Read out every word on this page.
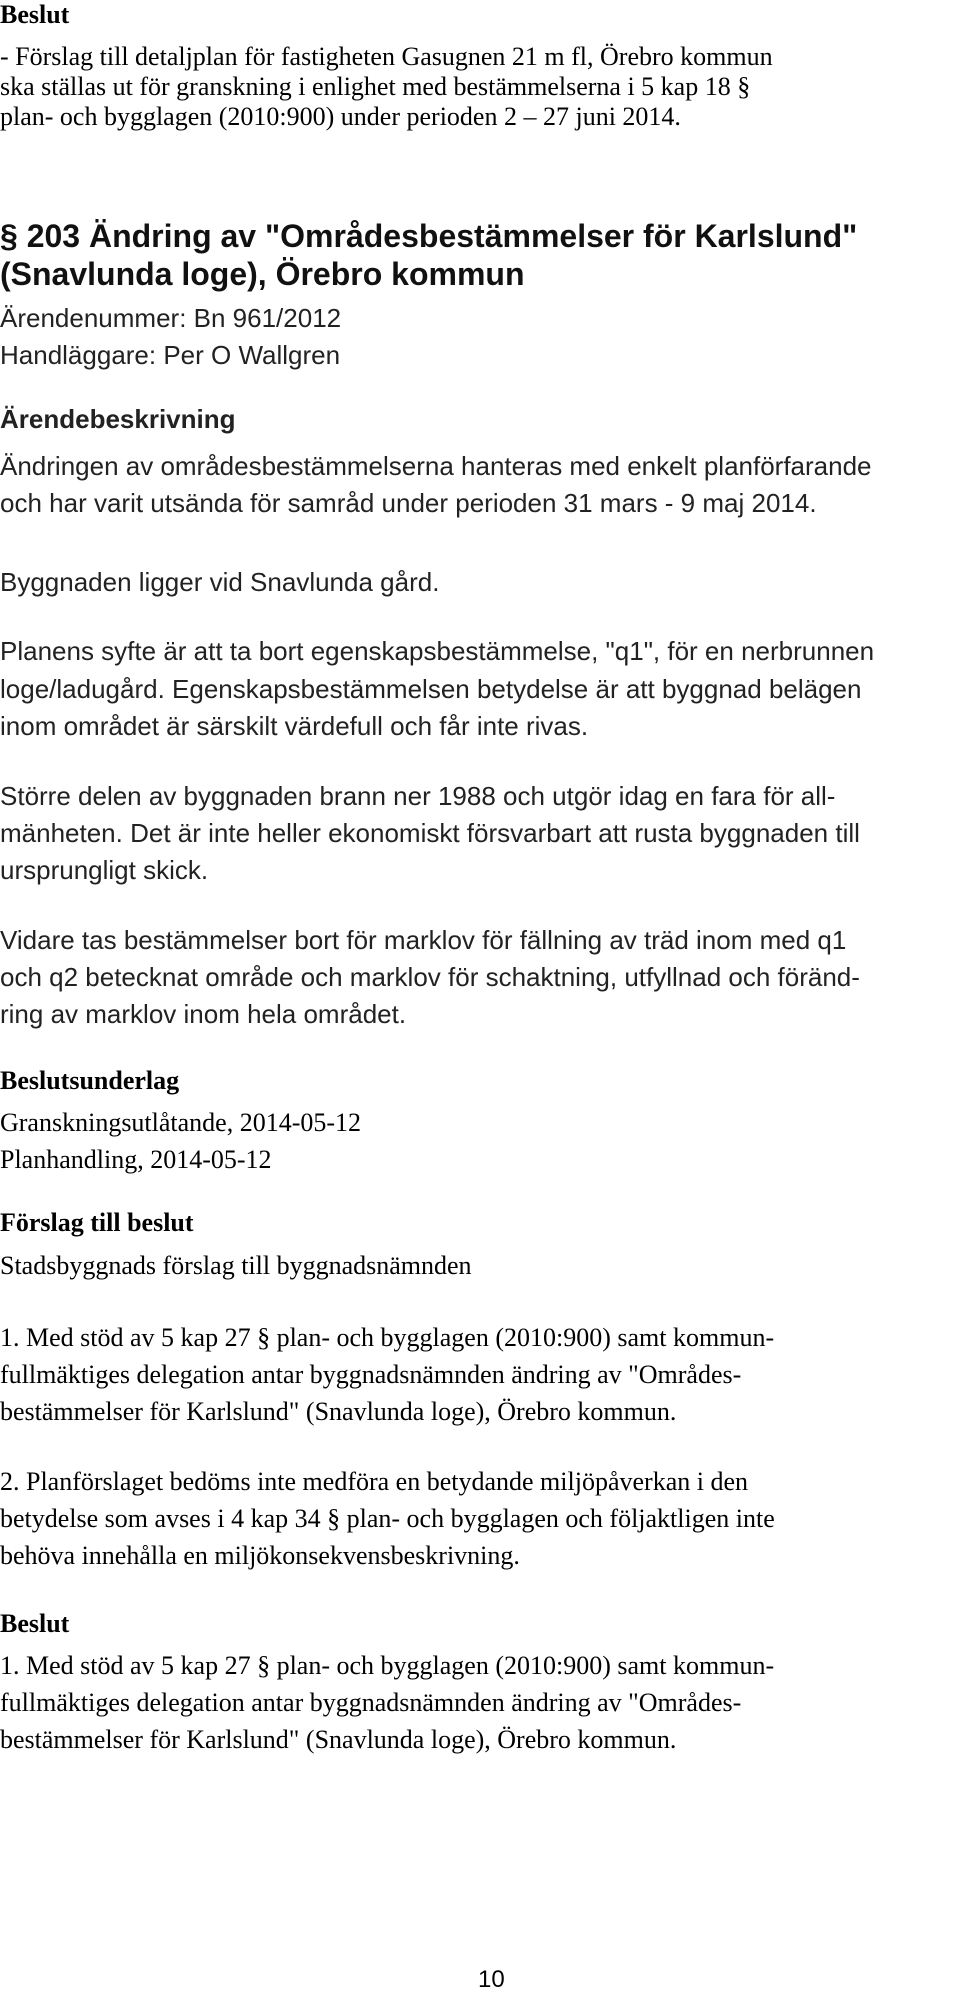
Beslut
- Förslag till detaljplan för fastigheten Gasugnen 21 m fl, Örebro kommun
ska ställas ut för granskning i enlighet med bestämmelserna i 5 kap 18 §
plan- och bygglagen (2010:900) under perioden 2 – 27 juni 2014.
§ 203 Ändring av "Områdesbestämmelser för Karlslund"
(Snavlunda loge), Örebro kommun
Ärendenummer: Bn 961/2012
Handläggare: Per O Wallgren
Ärendebeskrivning
Ändringen av områdesbestämmelserna hanteras med enkelt planförfarande
och har varit utsända för samråd under perioden 31 mars - 9 maj 2014.
Byggnaden ligger vid Snavlunda gård.
Planens syfte är att ta bort egenskapsbestämmelse, "q1", för en nerbrunnen
loge/ladugård. Egenskapsbestämmelsen betydelse är att byggnad belägen
inom området är särskilt värdefull och får inte rivas.
Större delen av byggnaden brann ner 1988 och utgör idag en fara för all-
mänheten. Det är inte heller ekonomiskt försvarbart att rusta byggnaden till
ursprungligt skick.
Vidare tas bestämmelser bort för marklov för fällning av träd inom med q1
och q2 betecknat område och marklov för schaktning, utfyllnad och föränd-
ring av marklov inom hela området.
Beslutsunderlag
Granskningsutlåtande, 2014-05-12
Planhandling, 2014-05-12
Förslag till beslut
Stadsbyggnads förslag till byggnadsnämnden
1. Med stöd av 5 kap 27 § plan- och bygglagen (2010:900) samt kommun-
fullmäktiges delegation antar byggnadsnämnden ändring av "Områdes-
bestämmelser för Karlslund" (Snavlunda loge), Örebro kommun.
2. Planförslaget bedöms inte medföra en betydande miljöpåverkan i den
betydelse som avses i 4 kap 34 § plan- och bygglagen och följaktligen inte
behöva innehålla en miljökonsekvensbeskrivning.
Beslut
1. Med stöd av 5 kap 27 § plan- och bygglagen (2010:900) samt kommun-
fullmäktiges delegation antar byggnadsnämnden ändring av "Områdes-
bestämmelser för Karlslund" (Snavlunda loge), Örebro kommun.
10
